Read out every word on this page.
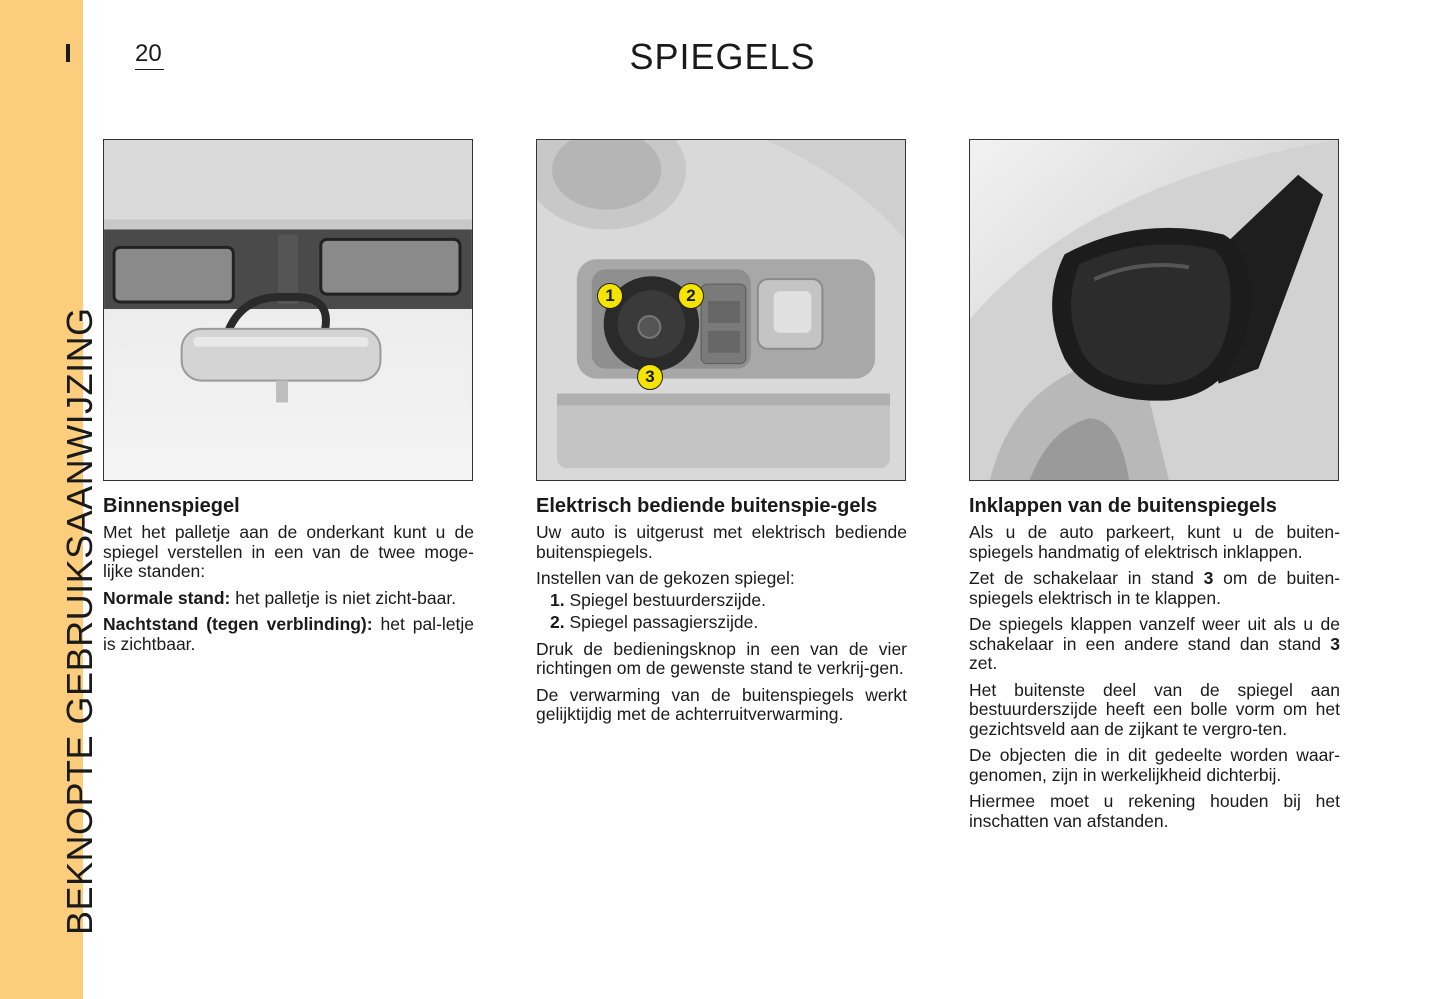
BEKNOPTE GEBRUIKSAANWIJZING
20	SPIEGELS
1	2
3
Binnenspiegel

Met het palletje aan de onderkant kunt u de spiegel verstellen in een van de twee moge-lijke standen:

Normale stand: het palletje is niet zicht-baar.

Nachtstand (tegen verblinding): het pal-letje is zichtbaar.

Elektrisch bediende buitenspie-gels

Uw auto is uitgerust met elektrisch bediende buitenspiegels.

Instellen van de gekozen spiegel:

1. Spiegel bestuurderszijde.
2. Spiegel passagierszijde.

Druk de bedieningsknop in een van de vier richtingen om de gewenste stand te verkrij-gen.

De verwarming van de buitenspiegels werkt gelijktijdig met de achterruitverwarming.

Inklappen van de buitenspiegels

Als u de auto parkeert, kunt u de buiten-spiegels handmatig of elektrisch inklappen.

Zet de schakelaar in stand 3 om de buiten-spiegels elektrisch in te klappen.

De spiegels klappen vanzelf weer uit als u de schakelaar in een andere stand dan stand 3 zet.

Het buitenste deel van de spiegel aan bestuurderszijde heeft een bolle vorm om het gezichtsveld aan de zijkant te vergro-ten.

De objecten die in dit gedeelte worden waar-genomen, zijn in werkelijkheid dichterbij.

Hiermee moet u rekening houden bij het inschatten van afstanden.
